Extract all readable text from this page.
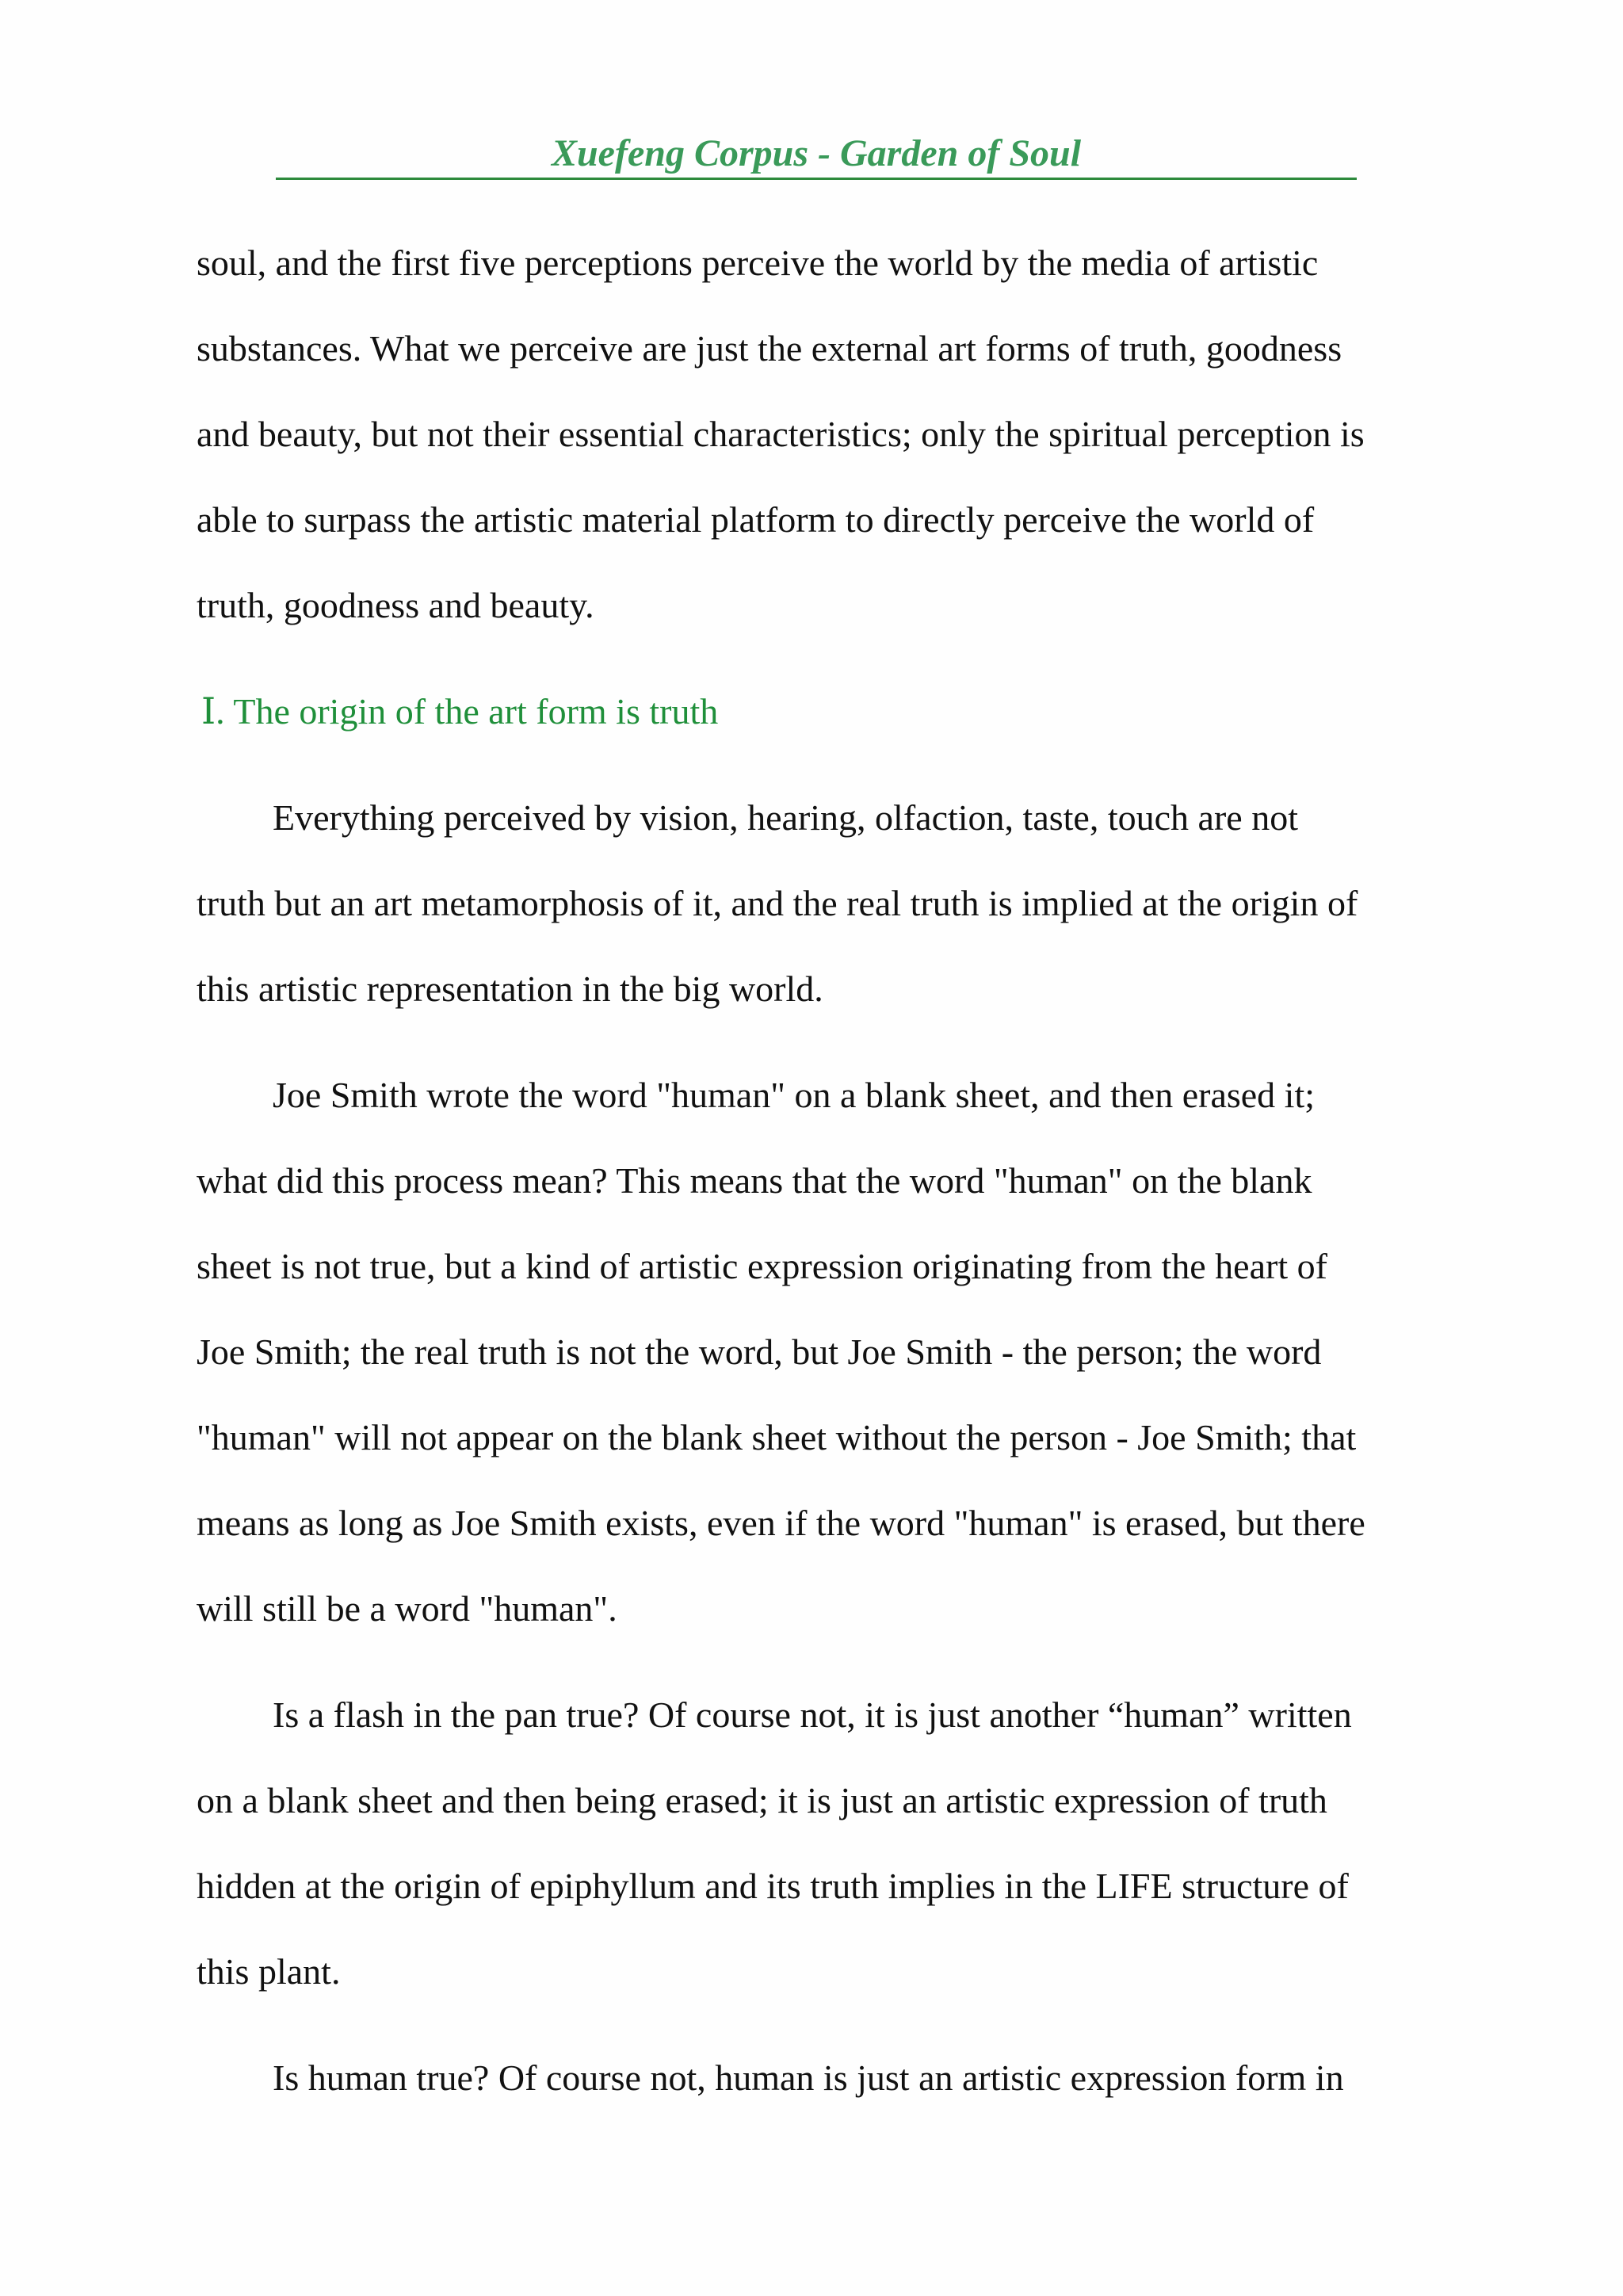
Xuefeng Corpus - Garden of Soul

soul, and the first five perceptions perceive the world by the media of artistic
substances. What we perceive are just the external art forms of truth, goodness
and beauty, but not their essential characteristics; only the spiritual perception is
able to surpass the artistic material platform to directly perceive the world of
truth, goodness and beauty.

Ⅰ. The origin of the art form is truth

Everything perceived by vision, hearing, olfaction, taste, touch are not
truth but an art metamorphosis of it, and the real truth is implied at the origin of
this artistic representation in the big world.

Joe Smith wrote the word "human" on a blank sheet, and then erased it;
what did this process mean? This means that the word "human" on the blank
sheet is not true, but a kind of artistic expression originating from the heart of
Joe Smith; the real truth is not the word, but Joe Smith - the person; the word
"human" will not appear on the blank sheet without the person - Joe Smith; that
means as long as Joe Smith exists, even if the word "human" is erased, but there
will still be a word "human".

Is a flash in the pan true? Of course not, it is just another “human” written
on a blank sheet and then being erased; it is just an artistic expression of truth
hidden at the origin of epiphyllum and its truth implies in the LIFE structure of
this plant.

Is human true? Of course not, human is just an artistic expression form in
